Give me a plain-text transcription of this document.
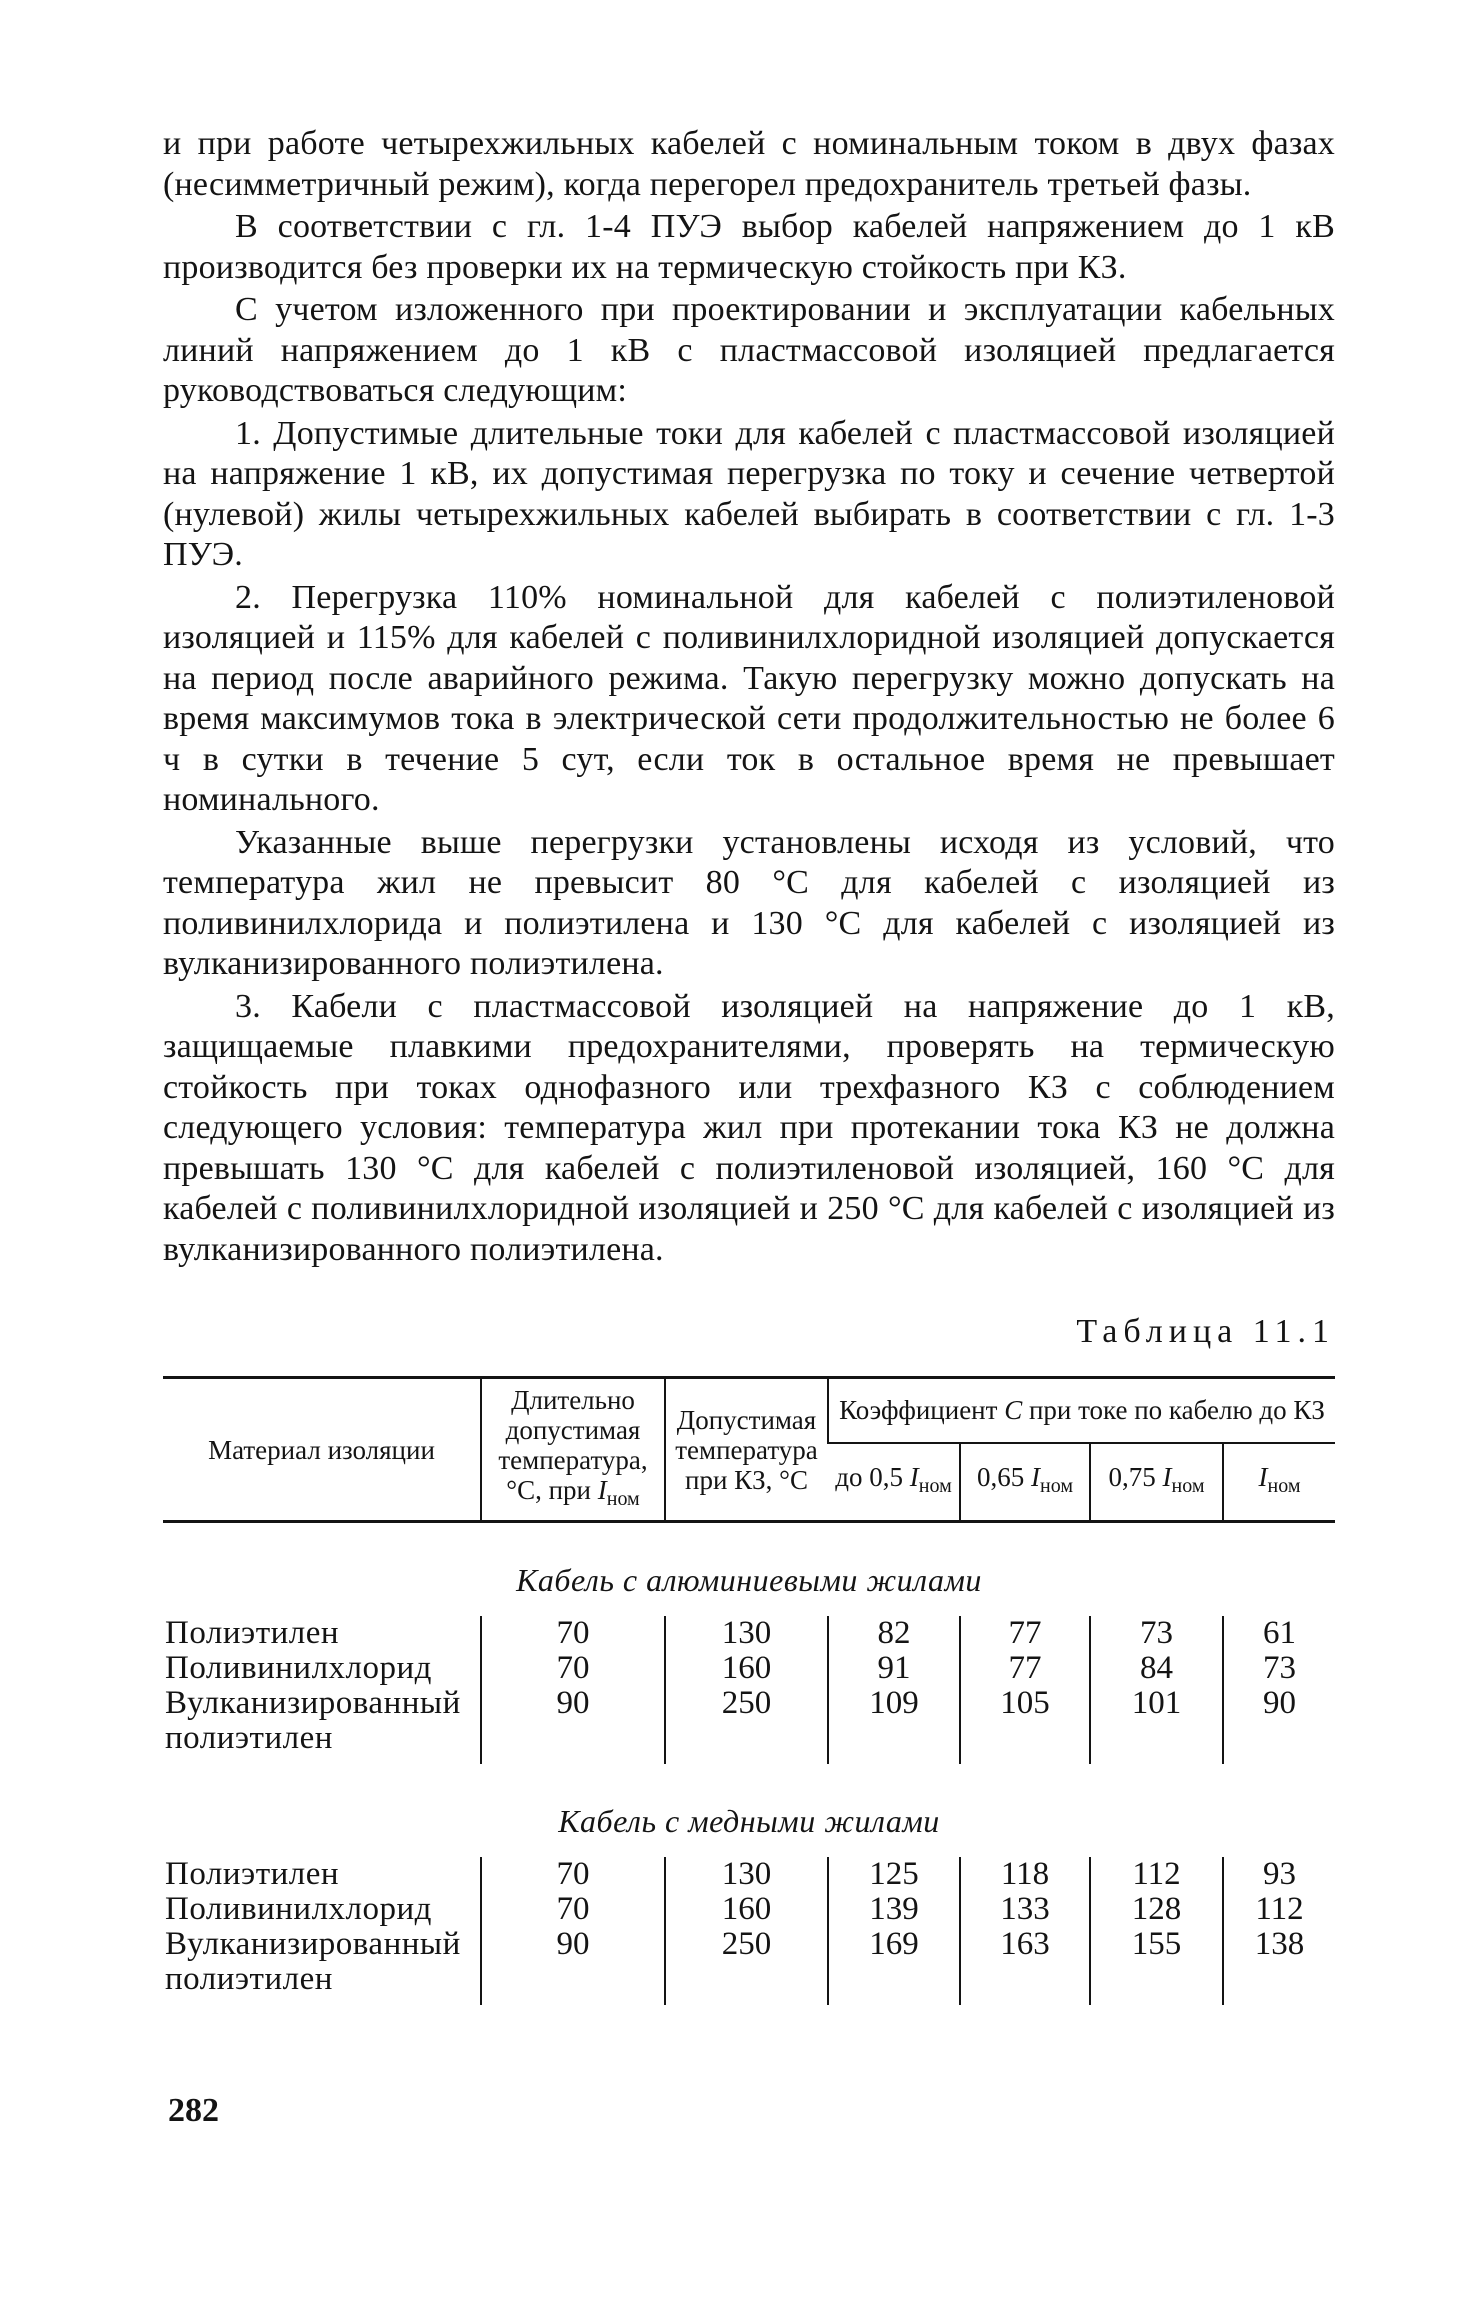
и при работе четырехжильных кабелей с номинальным током в двух фазах (несимметричный режим), когда перегорел предохранитель третьей фазы.

В соответствии с гл. 1-4 ПУЭ выбор кабелей напряжением до 1 кВ производится без проверки их на термическую стойкость при КЗ.

С учетом изложенного при проектировании и эксплуатации кабельных линий напряжением до 1 кВ с пластмассовой изоляцией предлагается руководствоваться следующим:

1. Допустимые длительные токи для кабелей с пластмассовой изоляцией на напряжение 1 кВ, их допустимая перегрузка по току и сечение четвертой (нулевой) жилы четырехжильных кабелей выбирать в соответствии с гл. 1-3 ПУЭ.

2. Перегрузка 110% номинальной для кабелей с полиэтиленовой изоляцией и 115% для кабелей с поливинилхлоридной изоляцией допускается на период после аварийного режима. Такую перегрузку можно допускать на время максимумов тока в электрической сети продолжительностью не более 6 ч в сутки в течение 5 сут, если ток в остальное время не превышает номинального.

Указанные выше перегрузки установлены исходя из условий, что температура жил не превысит 80 °С для кабелей с изоляцией из поливинилхлорида и полиэтилена и 130 °С для кабелей с изоляцией из вулканизированного полиэтилена.

3. Кабели с пластмассовой изоляцией на напряжение до 1 кВ, защищаемые плавкими предохранителями, проверять на термическую стойкость при токах однофазного или трехфазного КЗ с соблюдением следующего условия: температура жил при протекании тока КЗ не должна превышать 130 °С для кабелей с полиэтиленовой изоляцией, 160 °С для кабелей с поливинилхлоридной изоляцией и 250 °С для кабелей с изоляцией из вулканизированного полиэтилена.

Таблица 11.1
Материал изоляции	Длительно допустимая температура, °С, при $I_{ном}$	Допустимая температура при КЗ, °С	Коэффициент C при токе по кабелю до КЗ			
			до 0,5 $I_{ном}$	0,65 $I_{ном}$	0,75 $I_{ном}$	$I_{ном}$
Кабель с алюминиевыми жилами						
Полиэтилен	70	130	82	77	73	61
Поливинилхлорид	70	160	91	77	84	73
Вулканизированный полиэтилен	90	250	109	105	101	90
Кабель с медными жилами						
Полиэтилен	70	130	125	118	112	93
Поливинилхлорид	70	160	139	133	128	112
Вулканизированный полиэтилен	90	250	169	163	155	138
282
